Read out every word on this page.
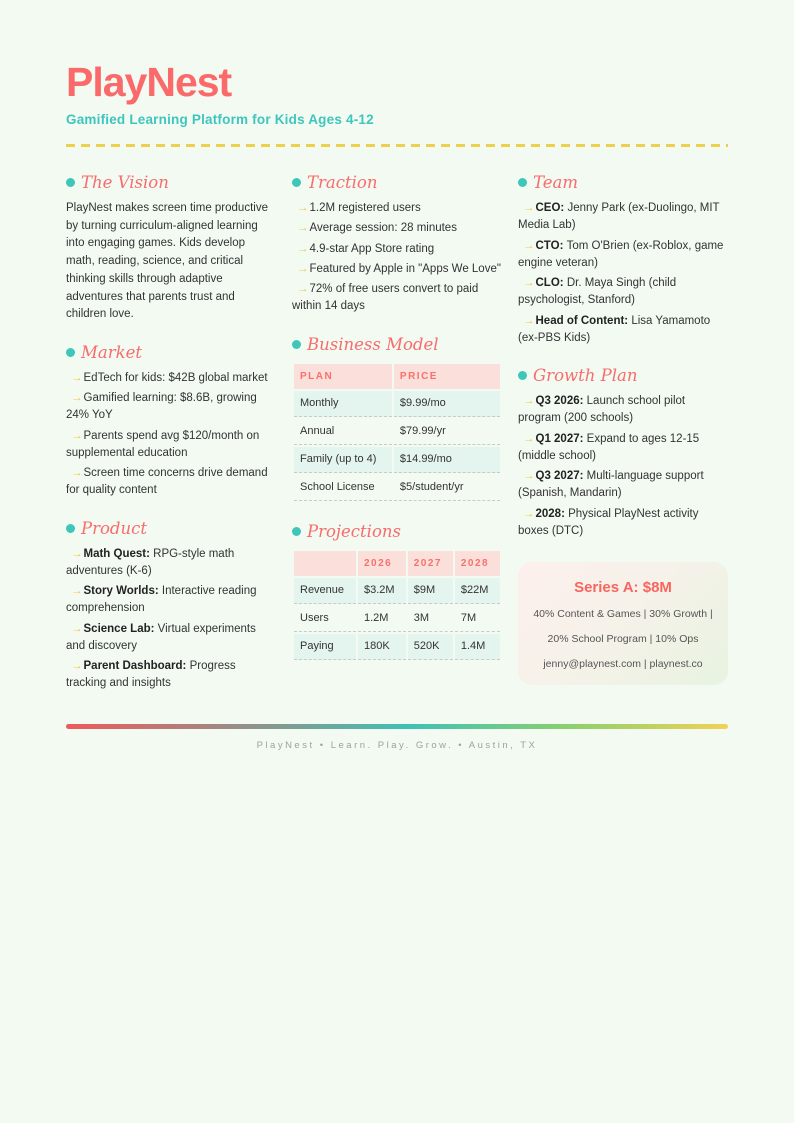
PlayNest
Gamified Learning Platform for Kids Ages 4-12
The Vision

PlayNest makes screen time productive by turning curriculum-aligned learning into engaging games. Kids develop math, reading, science, and critical thinking skills through adaptive adventures that parents trust and children love.

Market
→EdTech for kids: $42B global market
→Gamified learning: $8.6B, growing 24% YoY
→Parents spend avg $120/month on supplemental education
→Screen time concerns drive demand for quality content
Product
→Math Quest: RPG-style math adventures (K-6)
→Story Worlds: Interactive reading comprehension
→Science Lab: Virtual experiments and discovery
→Parent Dashboard: Progress tracking and insights
Traction
→1.2M registered users
→Average session: 28 minutes
→4.9-star App Store rating
→Featured by Apple in "Apps We Love"
→72% of free users convert to paid within 14 days
Business Model
PLAN	PRICE
Monthly	$9.99/mo
Annual	$79.99/yr
Family (up to 4)	$14.99/mo
School License	$5/student/yr
Projections
	2026	2027	2028
Revenue	$3.2M	$9M	$22M
Users	1.2M	3M	7M
Paying	180K	520K	1.4M
Team
→CEO: Jenny Park (ex-Duolingo, MIT Media Lab)
→CTO: Tom O'Brien (ex-Roblox, game engine veteran)
→CLO: Dr. Maya Singh (child psychologist, Stanford)
→Head of Content: Lisa Yamamoto (ex-PBS Kids)
Growth Plan
→Q3 2026: Launch school pilot program (200 schools)
→Q1 2027: Expand to ages 12-15 (middle school)
→Q3 2027: Multi-language support (Spanish, Mandarin)
→2028: Physical PlayNest activity boxes (DTC)
Series A: $8M
40% Content & Games | 30% Growth |
20% School Program | 10% Ops
jenny@playnest.com | playnest.co
PlayNest • Learn. Play. Grow. • Austin, TX
